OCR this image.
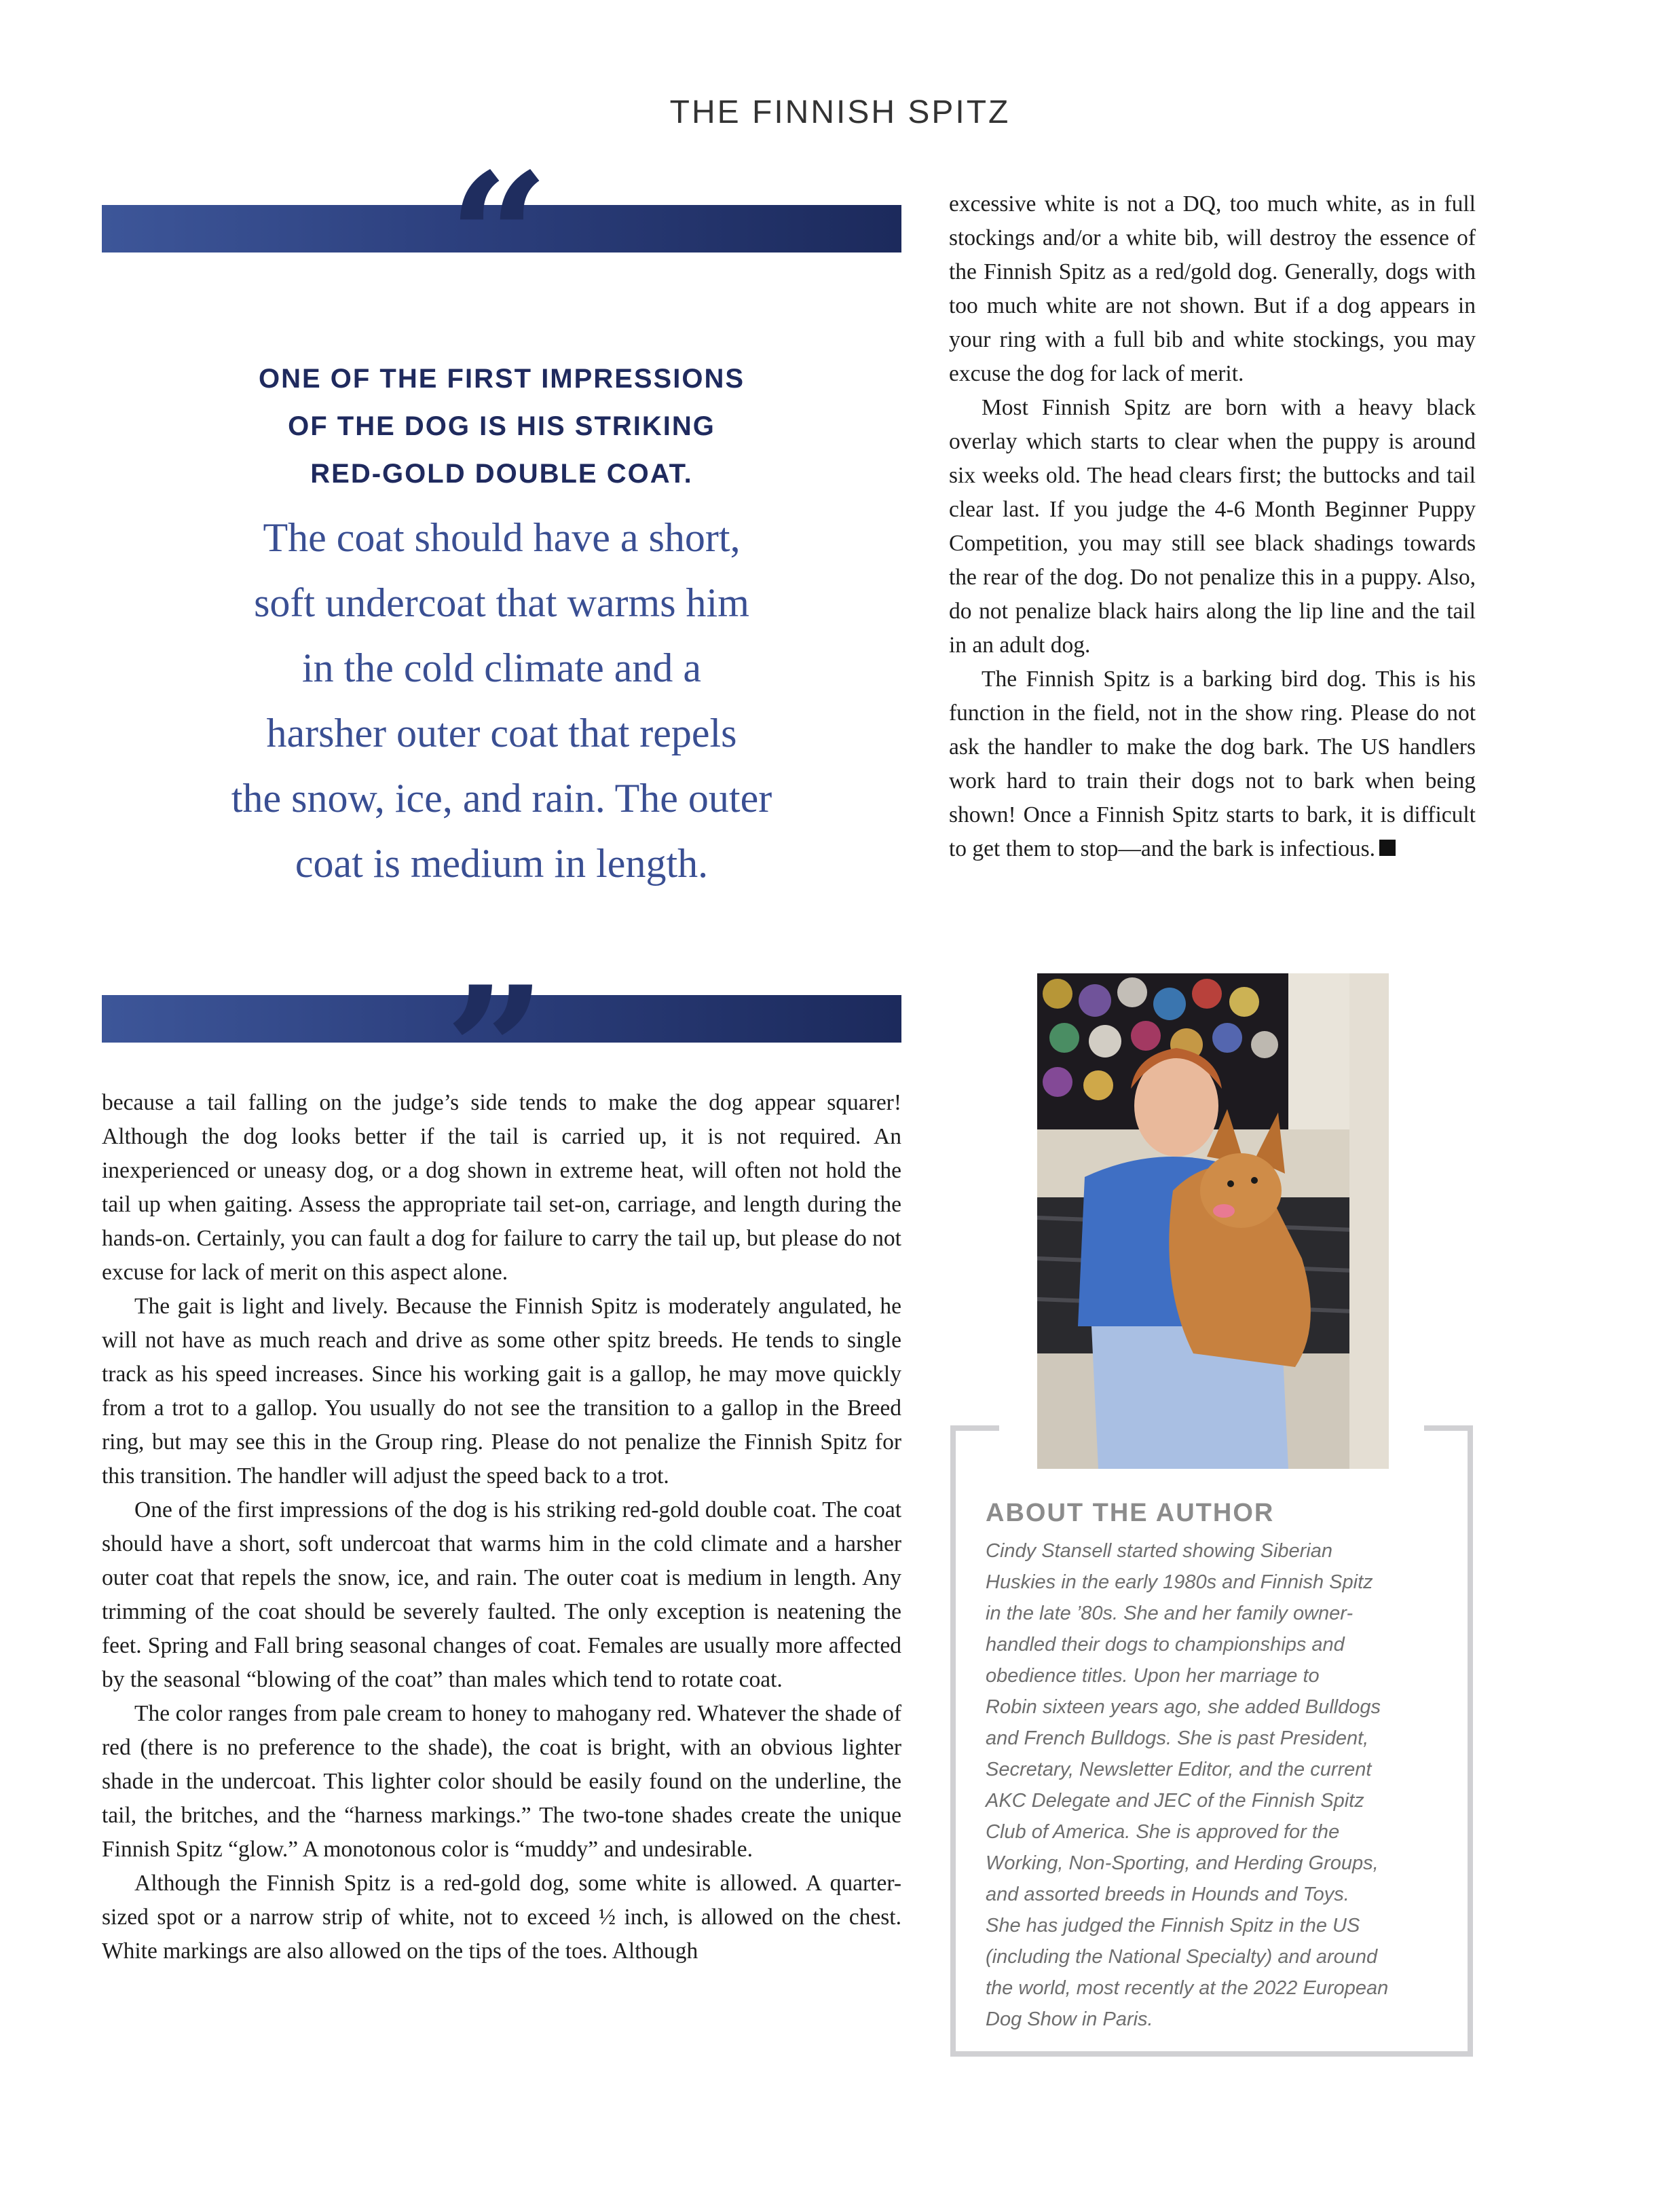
THE FINNISH SPITZ
“
ONE OF THE FIRST IMPRESSIONS
OF THE DOG IS HIS STRIKING
RED-GOLD DOUBLE COAT.
The coat should have a short,
soft undercoat that warms him
in the cold climate and a
harsher outer coat that repels
the snow, ice, and rain. The outer
coat is medium in length.
”

excessive white is not a DQ, too much white, as in full stockings and/or a white bib, will destroy the essence of the Finnish Spitz as a red/gold dog. Generally, dogs with too much white are not shown. But if a dog appears in your ring with a full bib and white stockings, you may excuse the dog for lack of merit.

Most Finnish Spitz are born with a heavy black overlay which starts to clear when the puppy is around six weeks old. The head clears first; the buttocks and tail clear last. If you judge the 4-6 Month Beginner Puppy Competition, you may still see black shadings towards the rear of the dog. Do not penalize this in a puppy. Also, do not penalize black hairs along the lip line and the tail in an adult dog.

The Finnish Spitz is a barking bird dog. This is his function in the field, not in the show ring. Please do not ask the handler to make the dog bark. The US handlers work hard to train their dogs not to bark when being shown! Once a Finnish Spitz starts to bark, it is difficult to get them to stop—and the bark is infectious.

ABOUT THE AUTHOR
Cindy Stansell started showing Siberian
Huskies in the early 1980s and Finnish Spitz
in the late ’80s. She and her family owner-
handled their dogs to championships and
obedience titles. Upon her marriage to
Robin sixteen years ago, she added Bulldogs
and French Bulldogs. She is past President,
Secretary, Newsletter Editor, and the current
AKC Delegate and JEC of the Finnish Spitz
Club of America. She is approved for the
Working, Non-Sporting, and Herding Groups,
and assorted breeds in Hounds and Toys.
She has judged the Finnish Spitz in the US
(including the National Specialty) and around
the world, most recently at the 2022 European
Dog Show in Paris.

because a tail falling on the judge’s side tends to make the dog appear squarer! Although the dog looks better if the tail is carried up, it is not required. An inexperienced or uneasy dog, or a dog shown in extreme heat, will often not hold the tail up when gaiting. Assess the appropriate tail set-on, carriage, and length during the hands-on. Certainly, you can fault a dog for failure to carry the tail up, but please do not excuse for lack of merit on this aspect alone.

The gait is light and lively. Because the Finnish Spitz is moderately angulated, he will not have as much reach and drive as some other spitz breeds. He tends to single track as his speed increases. Since his working gait is a gallop, he may move quickly from a trot to a gallop. You usually do not see the transition to a gallop in the Breed ring, but may see this in the Group ring. Please do not penalize the Finnish Spitz for this transition. The handler will adjust the speed back to a trot.

One of the first impressions of the dog is his striking red-gold double coat. The coat should have a short, soft undercoat that warms him in the cold climate and a harsher outer coat that repels the snow, ice, and rain. The outer coat is medium in length. Any trimming of the coat should be severely faulted. The only exception is neatening the feet. Spring and Fall bring seasonal changes of coat. Females are usually more affected by the seasonal “blowing of the coat” than males which tend to rotate coat.

The color ranges from pale cream to honey to mahogany red. Whatever the shade of red (there is no preference to the shade), the coat is bright, with an obvious lighter shade in the undercoat. This lighter color should be easily found on the underline, the tail, the britches, and the “harness markings.” The two-tone shades create the unique Finnish Spitz “glow.” A monotonous color is “muddy” and undesirable.

Although the Finnish Spitz is a red-gold dog, some white is allowed. A quarter-sized spot or a narrow strip of white, not to exceed ½ inch, is allowed on the chest. White markings are also allowed on the tips of the toes. Although
